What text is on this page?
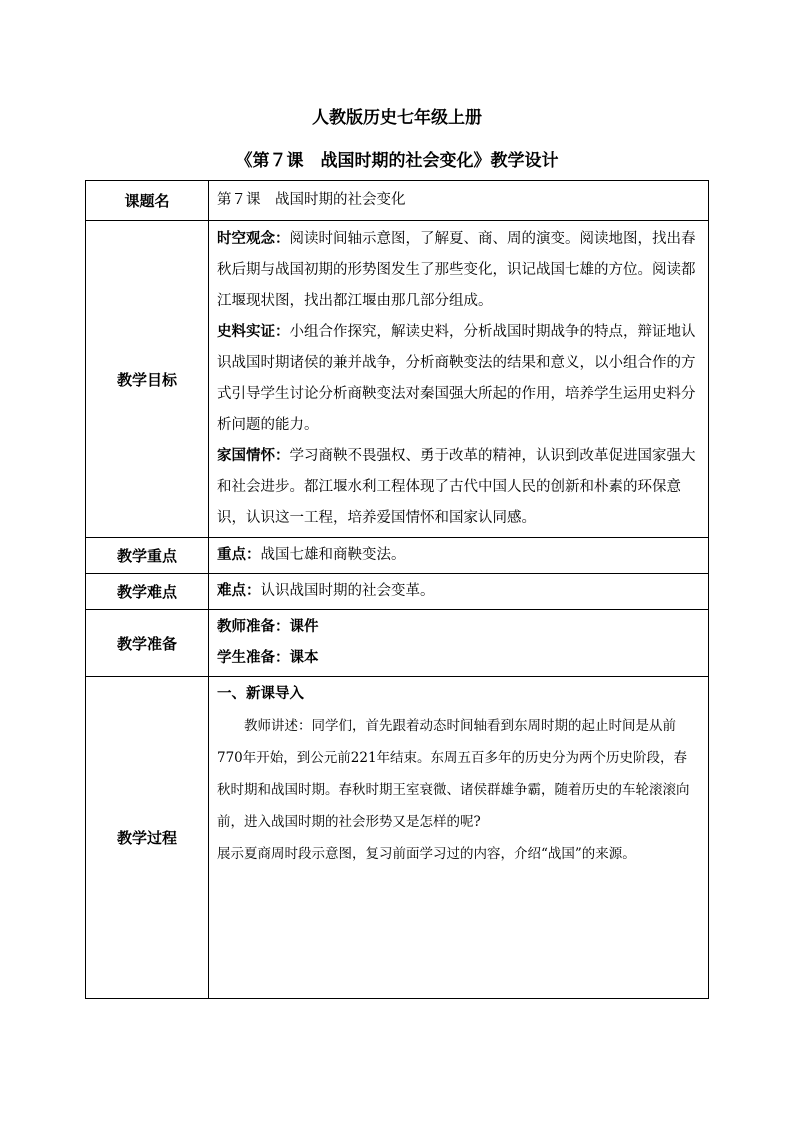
人教版历史七年级上册
《第７课　战国时期的社会变化》教学设计
课题名	第７课　战国时期的社会变化
教学目标	时空观念：阅读时间轴示意图，了解夏、商、周的演变。阅读地图，找出春秋后期与战国初期的形势图发生了那些变化，识记战国七雄的方位。阅读都江堰现状图，找出都江堰由那几部分组成。

史料实证：小组合作探究，解读史料，分析战国时期战争的特点，辩证地认识战国时期诸侯的兼并战争，分析商鞅变法的结果和意义，以小组合作的方式引导学生讨论分析商鞅变法对秦国强大所起的作用，培养学生运用史料分析问题的能力。

家国情怀：学习商鞅不畏强权、勇于改革的精神，认识到改革促进国家强大和社会进步。都江堰水利工程体现了古代中国人民的创新和朴素的环保意识，认识这一工程，培养爱国情怀和国家认同感。

教学重点	重点：战国七雄和商鞅变法。
教学难点	难点：认识战国时期的社会变革。
教学准备	教师准备：课件
学生准备：课本

教学过程	一、新课导入

教师讲述：同学们，首先跟着动态时间轴看到东周时期的起止时间是从前770年开始，到公元前221年结束。东周五百多年的历史分为两个历史阶段，春秋时期和战国时期。春秋时期王室衰微、诸侯群雄争霸，随着历史的车轮滚滚向前，进入战国时期的社会形势又是怎样的呢?

展示夏商周时段示意图，复习前面学习过的内容，介绍“战国”的来源。
